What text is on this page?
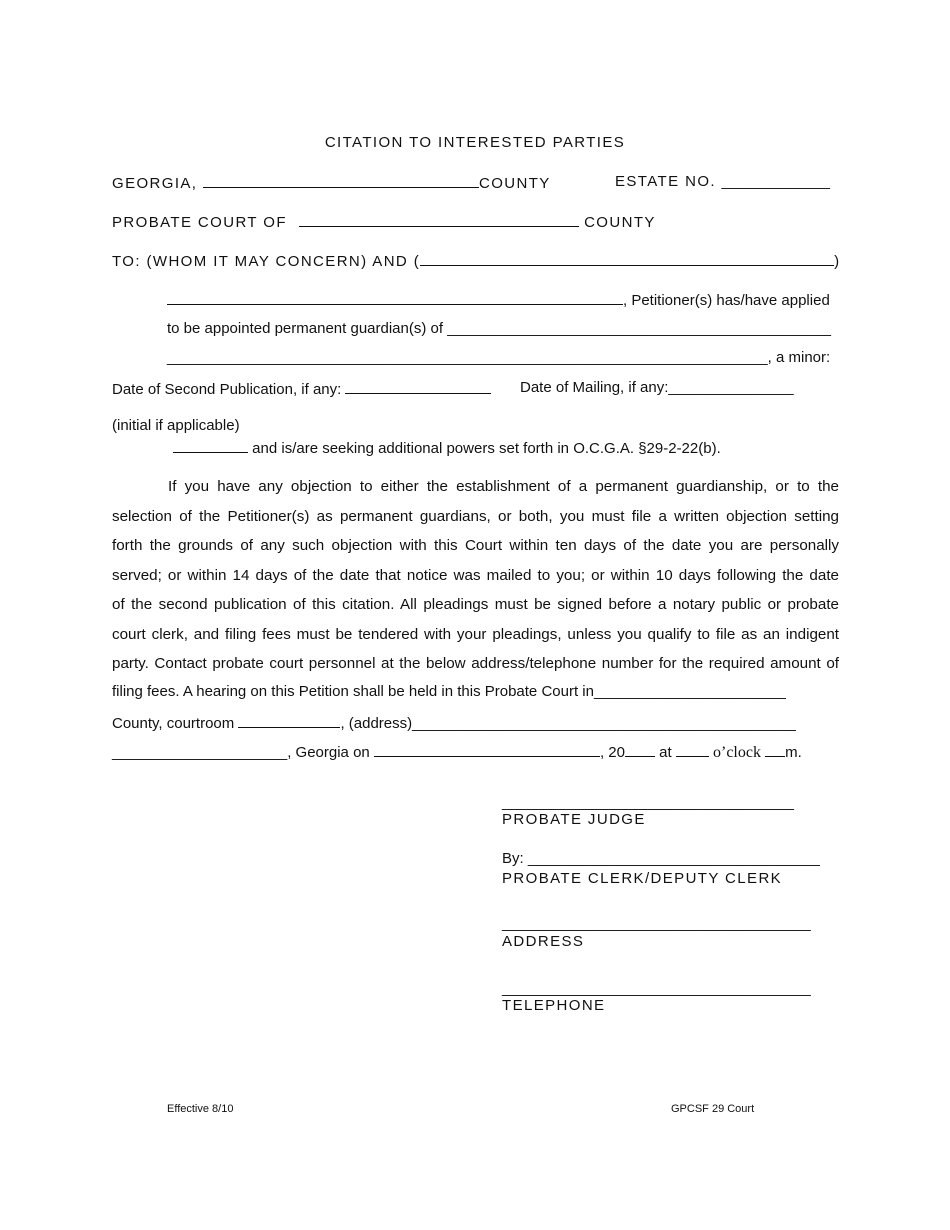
CITATION TO INTERESTED PARTIES
GEORGIA,	COUNTY	ESTATE NO. _____________
PROBATE COURT OF	COUNTY
TO: (WHOM IT MAY CONCERN) AND (	)
, Petitioner(s) has/have applied
to be appointed permanent guardian(s) of ______________________________________________
________________________________________________________________________, a minor:
Date of Second Publication, if any:	Date of Mailing, if any:_______________
(initial if applicable)
and is/are seeking additional powers set forth in O.C.G.A. §29-2-22(b).

If you have any objection to either the establishment of a permanent guardianship, or to the

selection of the Petitioner(s) as permanent guardians, or both, you must file a written objection setting

forth the grounds of any such objection with this Court within ten days of the date you are personally

served; or within 14 days of the date that notice was mailed to you; or within 10 days following the date

of the second publication of this citation. All pleadings must be signed before a notary public or probate

court clerk, and filing fees must be tendered with your pleadings, unless you qualify to file as an indigent

party. Contact probate court personnel at the below address/telephone number for the required amount of

filing fees. A hearing on this Petition shall be held in this Probate Court in_______________________
County, courtroom	, (address)______________________________________________
_____________________, Georgia on	, 20 at	o’clock m.
___________________________________
PROBATE JUDGE
By: ___________________________________
PROBATE CLERK/DEPUTY CLERK
_____________________________________
ADDRESS
_____________________________________
TELEPHONE
Effective 8/10	GPCSF 29 Court
